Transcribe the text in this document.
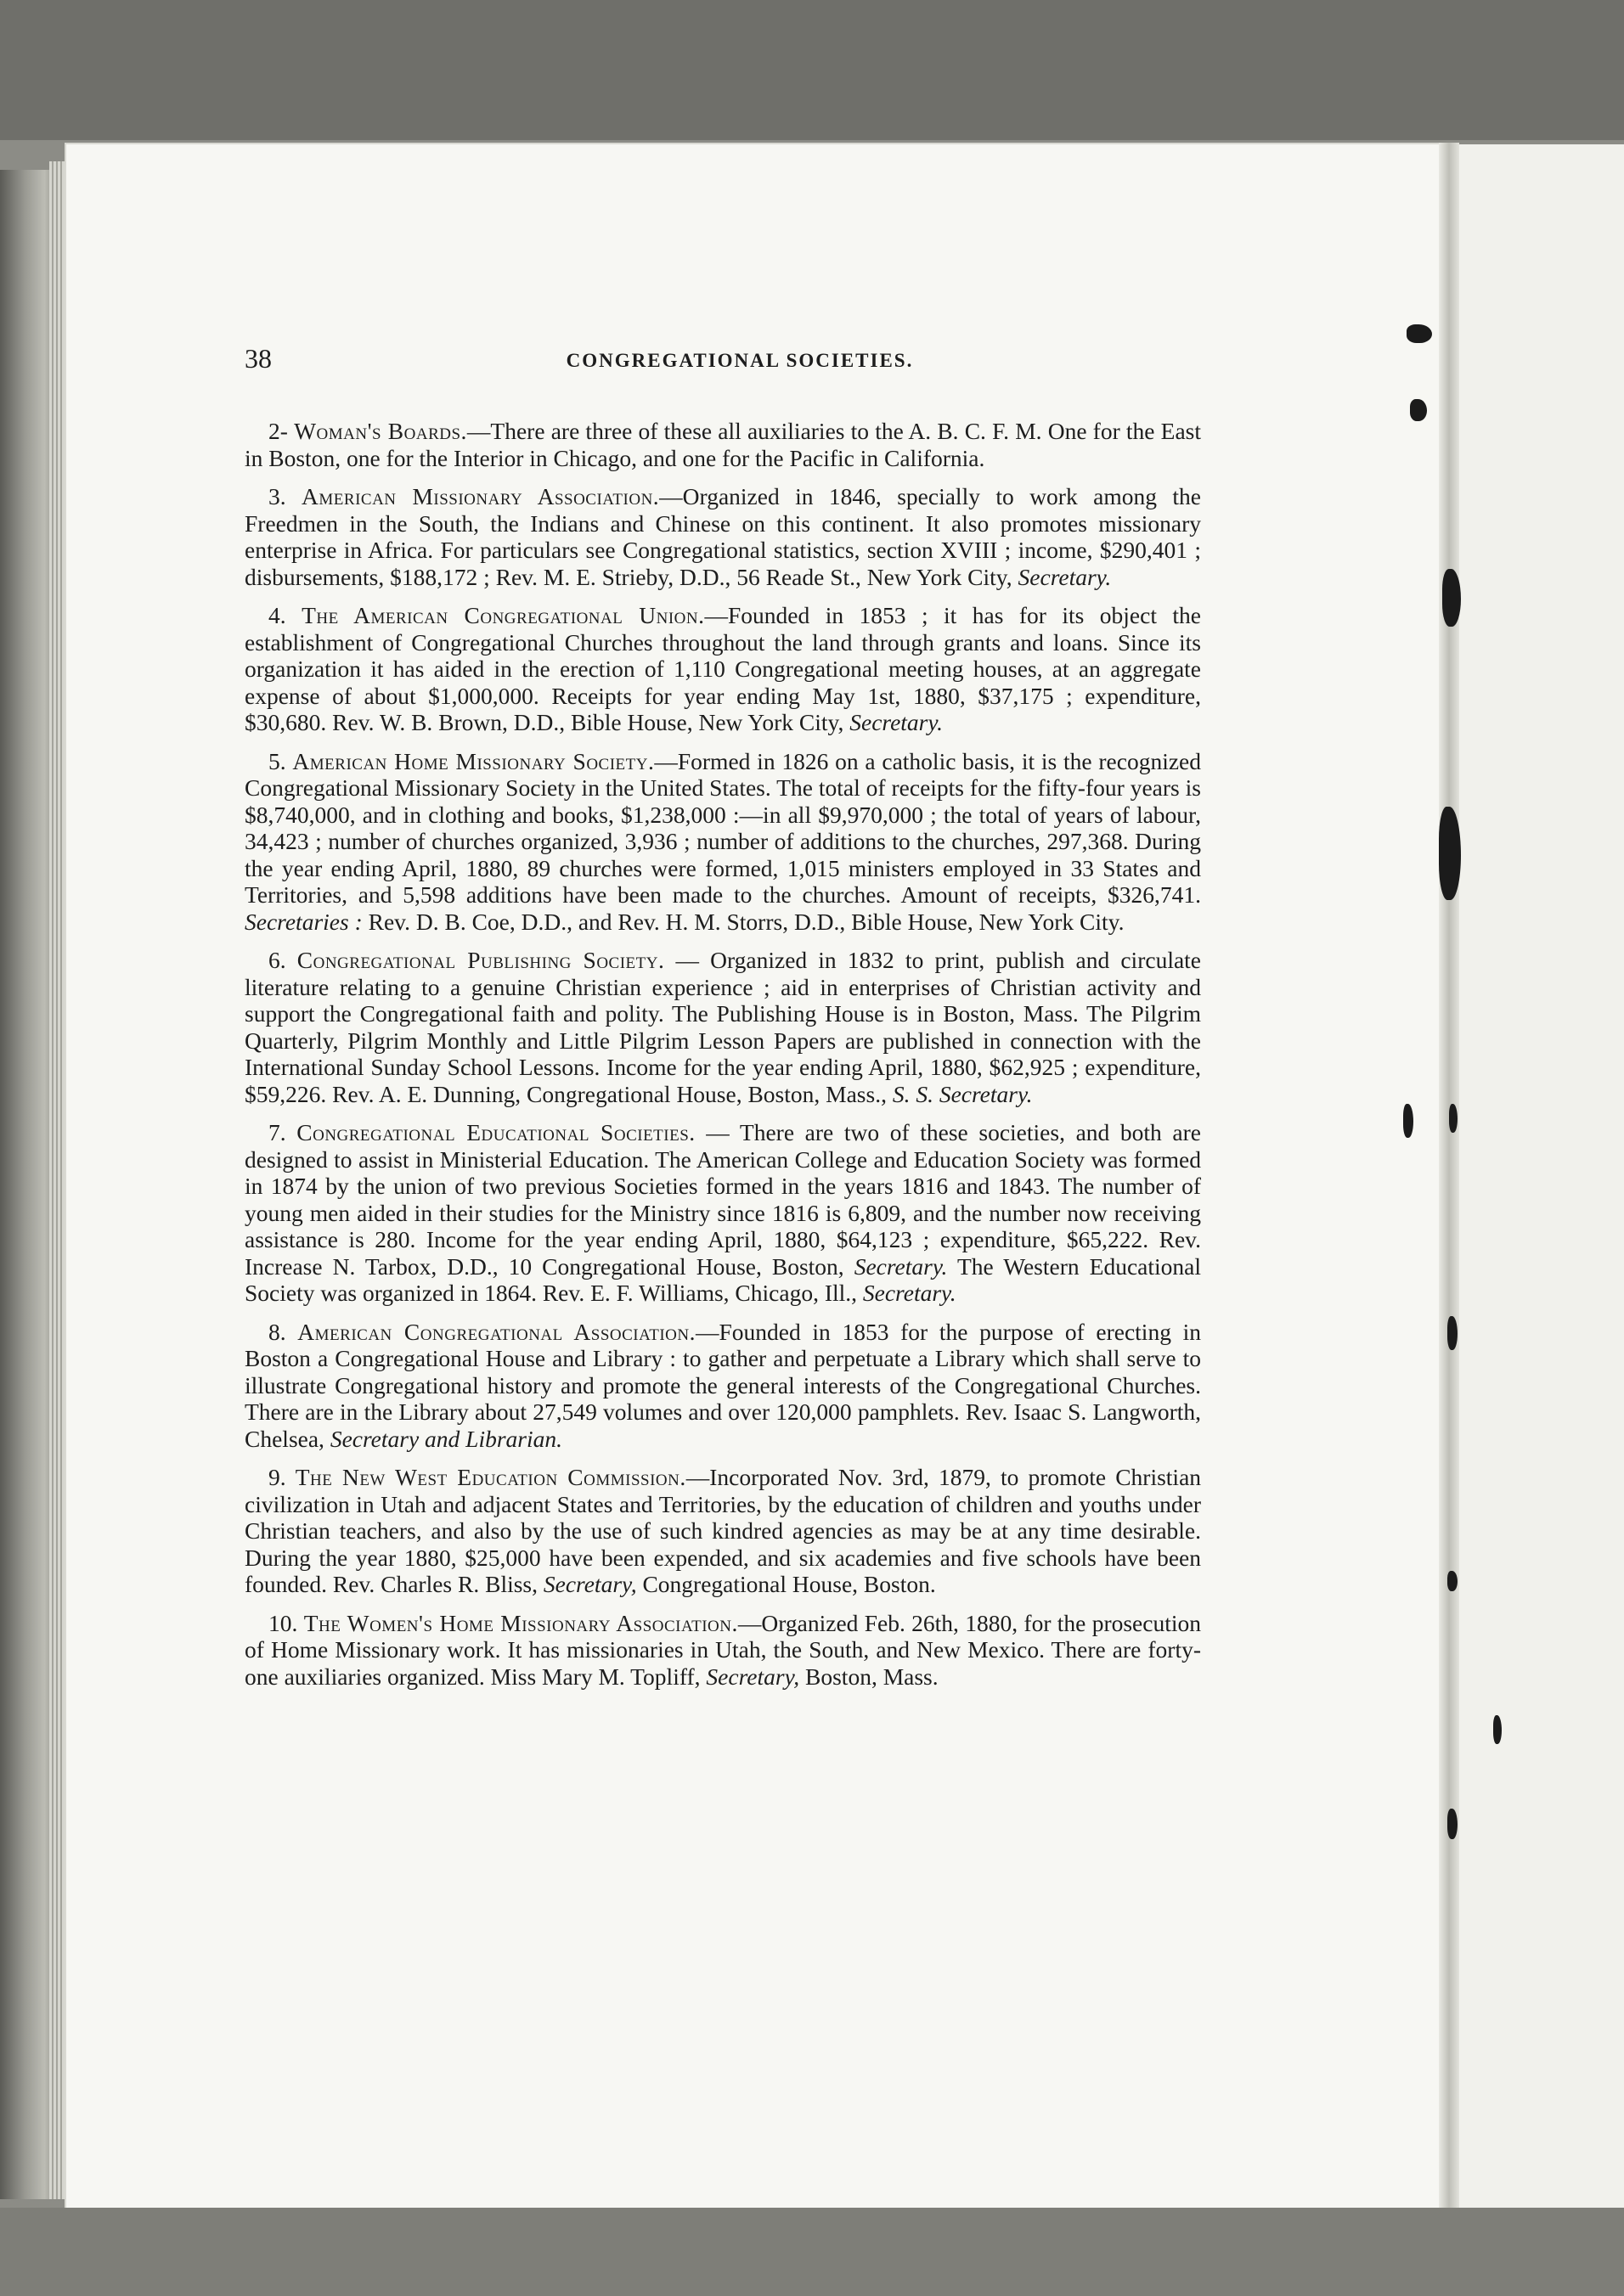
38	CONGREGATIONAL SOCIETIES.

2- Woman's Boards.—There are three of these all auxiliaries to the A. B. C. F. M. One for the East in Boston, one for the Interior in Chicago, and one for the Pacific in California.

3. American Missionary Association.—Organized in 1846, specially to work among the Freedmen in the South, the Indians and Chinese on this continent. It also promotes missionary enterprise in Africa. For particulars see Congregational statistics, section XVIII ; income, $290,401 ; disbursements, $188,172 ; Rev. M. E. Strieby, D.D., 56 Reade St., New York City, Secretary.

4. The American Congregational Union.—Founded in 1853 ; it has for its object the establishment of Congregational Churches throughout the land through grants and loans. Since its organization it has aided in the erection of 1,110 Congregational meeting houses, at an aggregate expense of about $1,000,000. Receipts for year ending May 1st, 1880, $37,175 ; expenditure, $30,680. Rev. W. B. Brown, D.D., Bible House, New York City, Secretary.

5. American Home Missionary Society.—Formed in 1826 on a catholic basis, it is the recognized Congregational Missionary Society in the United States. The total of receipts for the fifty-four years is $8,740,000, and in clothing and books, $1,238,000 :—in all $9,970,000 ; the total of years of labour, 34,423 ; number of churches organized, 3,936 ; number of additions to the churches, 297,368. During the year ending April, 1880, 89 churches were formed, 1,015 ministers employed in 33 States and Territories, and 5,598 additions have been made to the churches. Amount of receipts, $326,741. Secretaries : Rev. D. B. Coe, D.D., and Rev. H. M. Storrs, D.D., Bible House, New York City.

6. Congregational Publishing Society. — Organized in 1832 to print, publish and circulate literature relating to a genuine Christian experience ; aid in enterprises of Christian activity and support the Congregational faith and polity. The Publishing House is in Boston, Mass. The Pilgrim Quarterly, Pilgrim Monthly and Little Pilgrim Lesson Papers are published in connection with the International Sunday School Lessons. Income for the year ending April, 1880, $62,925 ; expenditure, $59,226. Rev. A. E. Dunning, Congregational House, Boston, Mass., S. S. Secretary.

7. Congregational Educational Societies. — There are two of these societies, and both are designed to assist in Ministerial Education. The American College and Education Society was formed in 1874 by the union of two previous Societies formed in the years 1816 and 1843. The number of young men aided in their studies for the Ministry since 1816 is 6,809, and the number now receiving assistance is 280. Income for the year ending April, 1880, $64,123 ; expenditure, $65,222. Rev. Increase N. Tarbox, D.D., 10 Congregational House, Boston, Secretary. The Western Educational Society was organized in 1864. Rev. E. F. Williams, Chicago, Ill., Secretary.

8. American Congregational Association.—Founded in 1853 for the purpose of erecting in Boston a Congregational House and Library : to gather and perpetuate a Library which shall serve to illustrate Congregational history and promote the general interests of the Congregational Churches. There are in the Library about 27,549 volumes and over 120,000 pamphlets. Rev. Isaac S. Langworth, Chelsea, Secretary and Librarian.

9. The New West Education Commission.—Incorporated Nov. 3rd, 1879, to promote Christian civilization in Utah and adjacent States and Territories, by the education of children and youths under Christian teachers, and also by the use of such kindred agencies as may be at any time desirable. During the year 1880, $25,000 have been expended, and six academies and five schools have been founded. Rev. Charles R. Bliss, Secretary, Congregational House, Boston.

10. The Women's Home Missionary Association.—Organized Feb. 26th, 1880, for the prosecution of Home Missionary work. It has missionaries in Utah, the South, and New Mexico. There are forty-one auxiliaries organized. Miss Mary M. Topliff, Secretary, Boston, Mass.
